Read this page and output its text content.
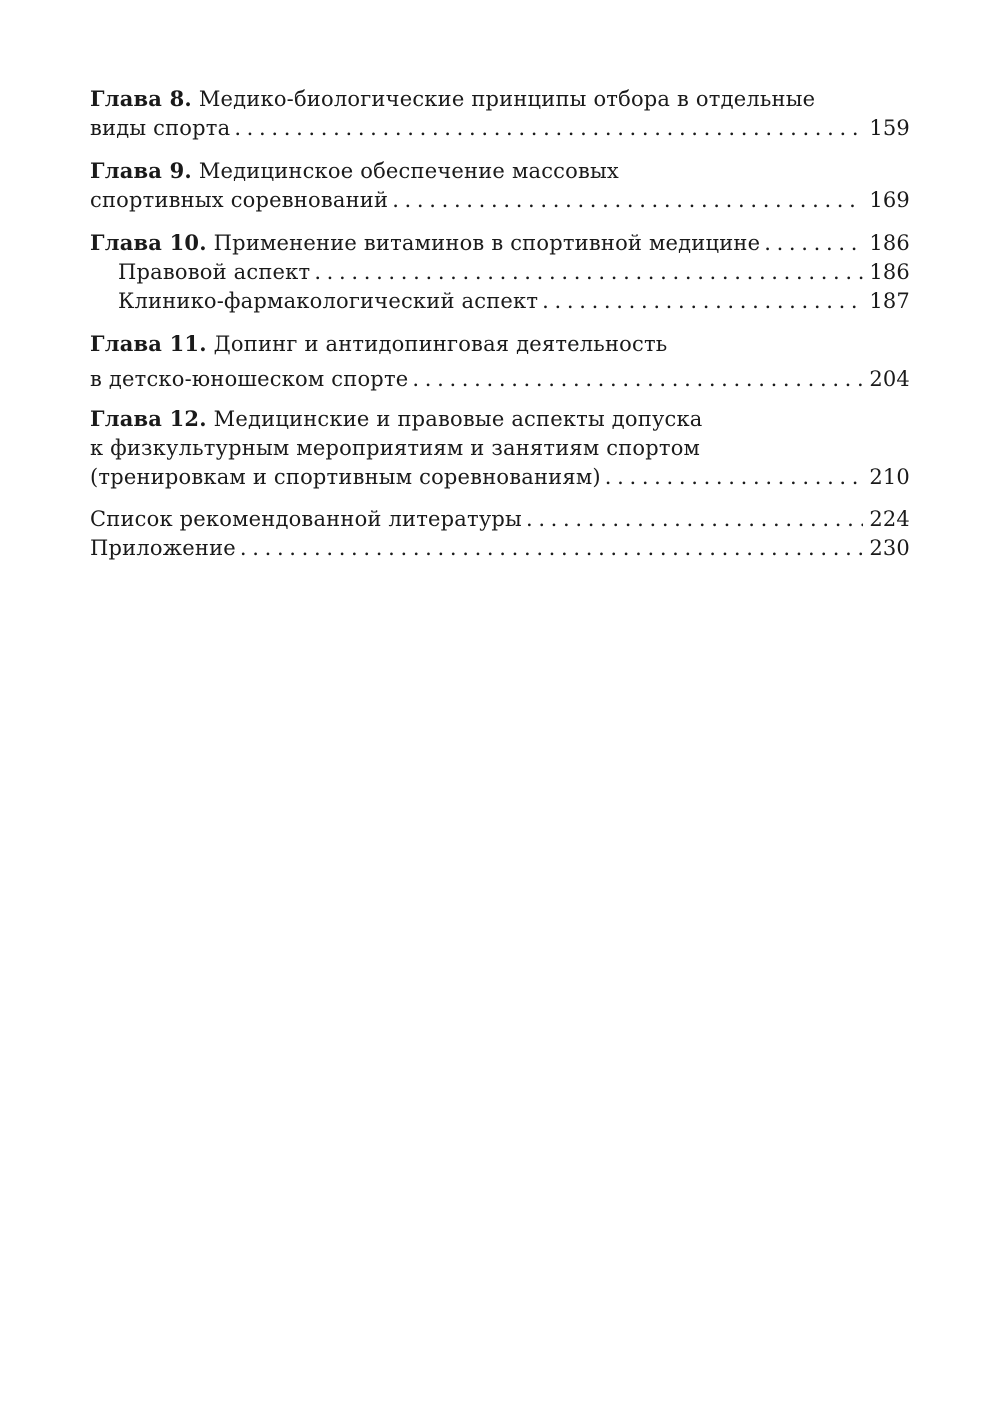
Глава 8.
Медико-биологические принципы отбора в отдельные
виды спорта . . .	159
Глава 9.
Медицинское обеспечение массовых
спортивных соревнований . . .	169
Глава 10.
Применение витаминов в спортивной медицине . . .	186
Правовой аспект . . .	186
Клинико-фармакологический аспект . . .	187
Глава 11.
Допинг и антидопинговая деятельность
в детско-юношеском спорте . . .	204
Глава 12.
Медицинские и правовые аспекты допуска
к физкультурным мероприятиям и занятиям спортом
(тренировкам и спортивным соревнованиям) . . .	210
Список рекомендованной литературы . . .	224
Приложение . . .	230
